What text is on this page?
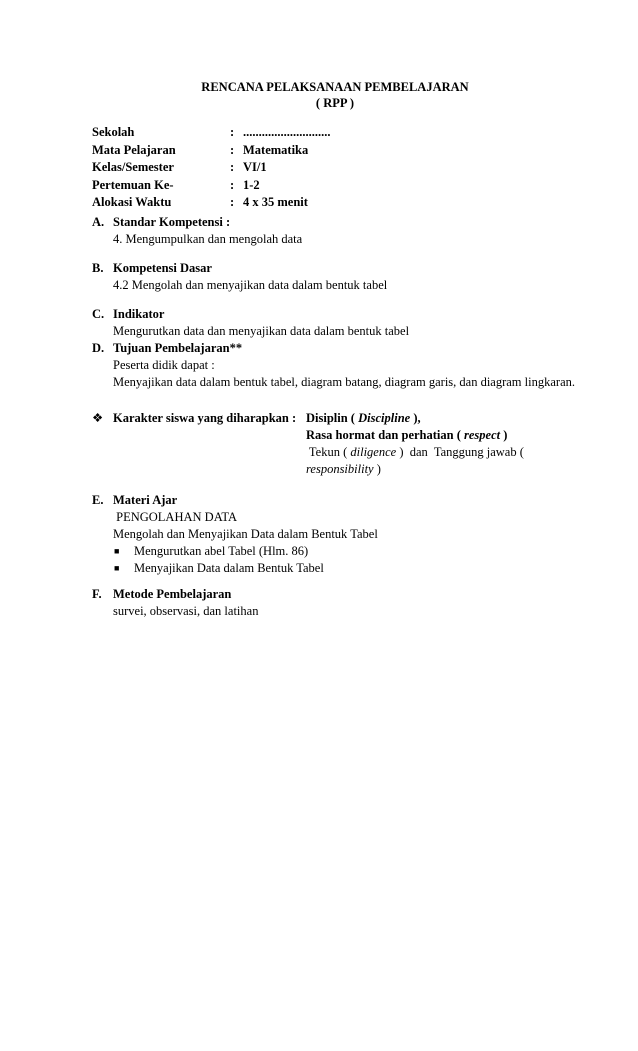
RENCANA PELAKSANAAN PEMBELAJARAN
( RPP )
Sekolah	: ............................
Mata Pelajaran	: Matematika
Kelas/Semester	: VI/1
Pertemuan Ke-	: 1-2
Alokasi Waktu	: 4 x 35 menit
A. Standar Kompetensi :
4. Mengumpulkan dan mengolah data
B. Kompetensi Dasar
4.2 Mengolah dan menyajikan data dalam bentuk tabel
C. Indikator
Mengurutkan data dan menyajikan data dalam bentuk tabel
D. Tujuan Pembelajaran**
Peserta didik dapat :
Menyajikan data dalam bentuk tabel, diagram batang, diagram garis, dan diagram lingkaran.
❖ Karakter siswa yang diharapkan : Disiplin ( Discipline ),
Rasa hormat dan perhatian ( respect )
Tekun ( diligence )  dan  Tanggung jawab (
responsibility )
E. Materi Ajar
PENGOLAHAN DATA
Mengolah dan Menyajikan Data dalam Bentuk Tabel
■	Mengurutkan abel Tabel (Hlm. 86)
■	Menyajikan Data dalam Bentuk Tabel
F. Metode Pembelajaran
survei, observasi, dan latihan
